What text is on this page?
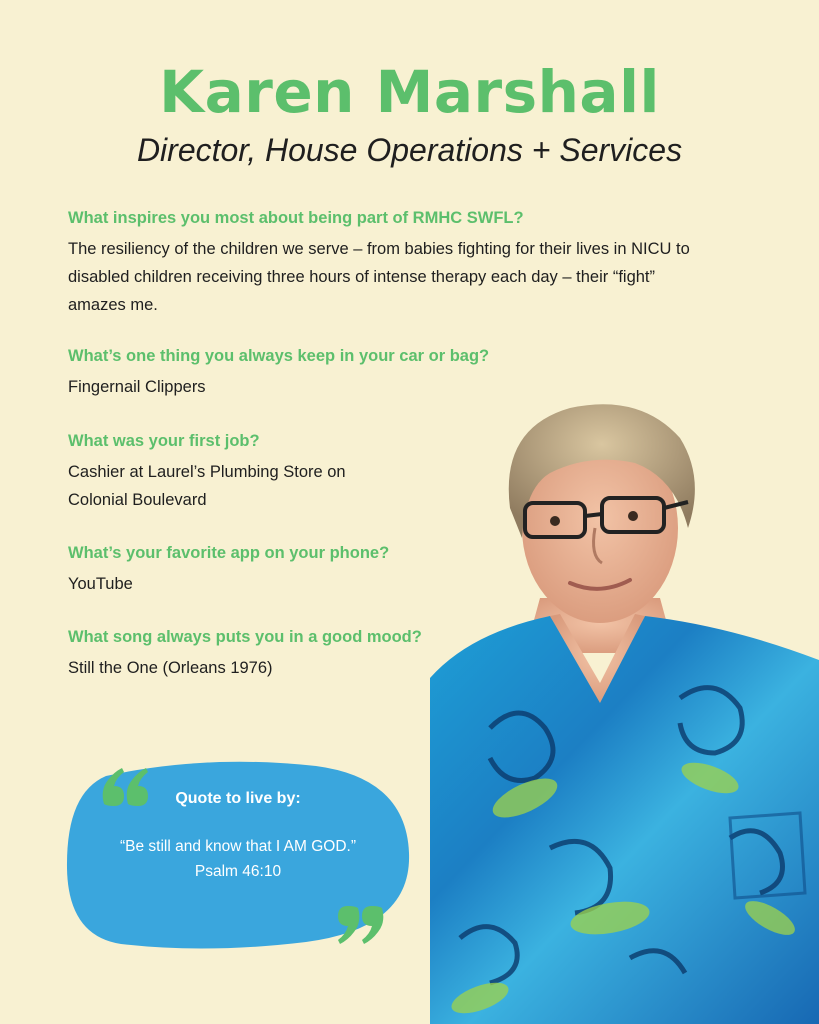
Karen Marshall
Director, House Operations + Services

What inspires you most about being part of RMHC SWFL?

The resiliency of the children we serve – from babies fighting for their lives in NICU to

disabled children receiving three hours of intense therapy each day – their “fight”

amazes me.

What’s one thing you always keep in your car or bag?

Fingernail Clippers

What was your first job?

Cashier at Laurel’s Plumbing Store on

Colonial Boulevard

What’s your favorite app on your phone?

YouTube

What song always puts you in a good mood?

Still the One (Orleans 1976)

Quote to live by:
“Be still and know that I AM GOD.”
Psalm 46:10
